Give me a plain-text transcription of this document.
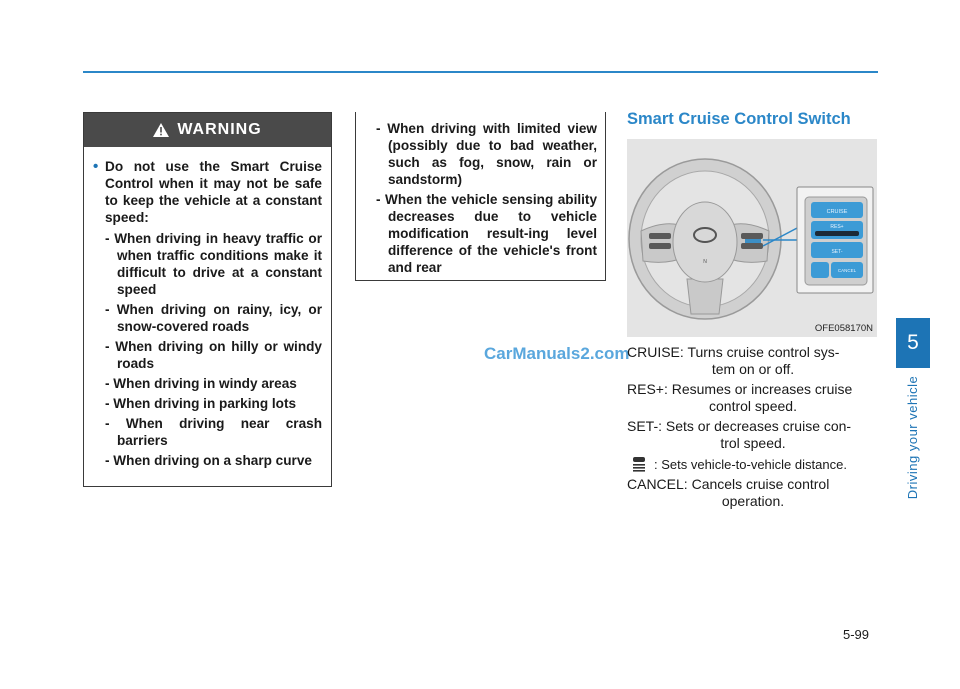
5
Driving your vehicle
WARNING
• Do not use the Smart Cruise Control when it may not be safe to keep the vehicle at a constant speed:
- When driving in heavy traffic or when traffic conditions make it difficult to drive at a constant speed
- When driving on rainy, icy, or snow-covered roads
- When driving on hilly or windy roads
- When driving in windy areas
- When driving in parking lots
- When driving near crash barriers
- When driving on a sharp curve
- When driving with limited view (possibly due to bad weather, such as fog, snow, rain or sandstorm)
- When the vehicle sensing ability decreases due to vehicle modification result-ing level difference of the vehicle's front and rear
Smart Cruise Control Switch
N
CRUISE
RES+
SET-
CANCEL
OFE058170N
CarManuals2.com
CRUISE: Turns cruise control sys-
tem on or off.
RES+: Resumes or increases cruise
control speed.
SET-: Sets or decreases cruise con-
trol speed.
: Sets vehicle-to-vehicle distance.
CANCEL: Cancels cruise control
operation.
5-99
